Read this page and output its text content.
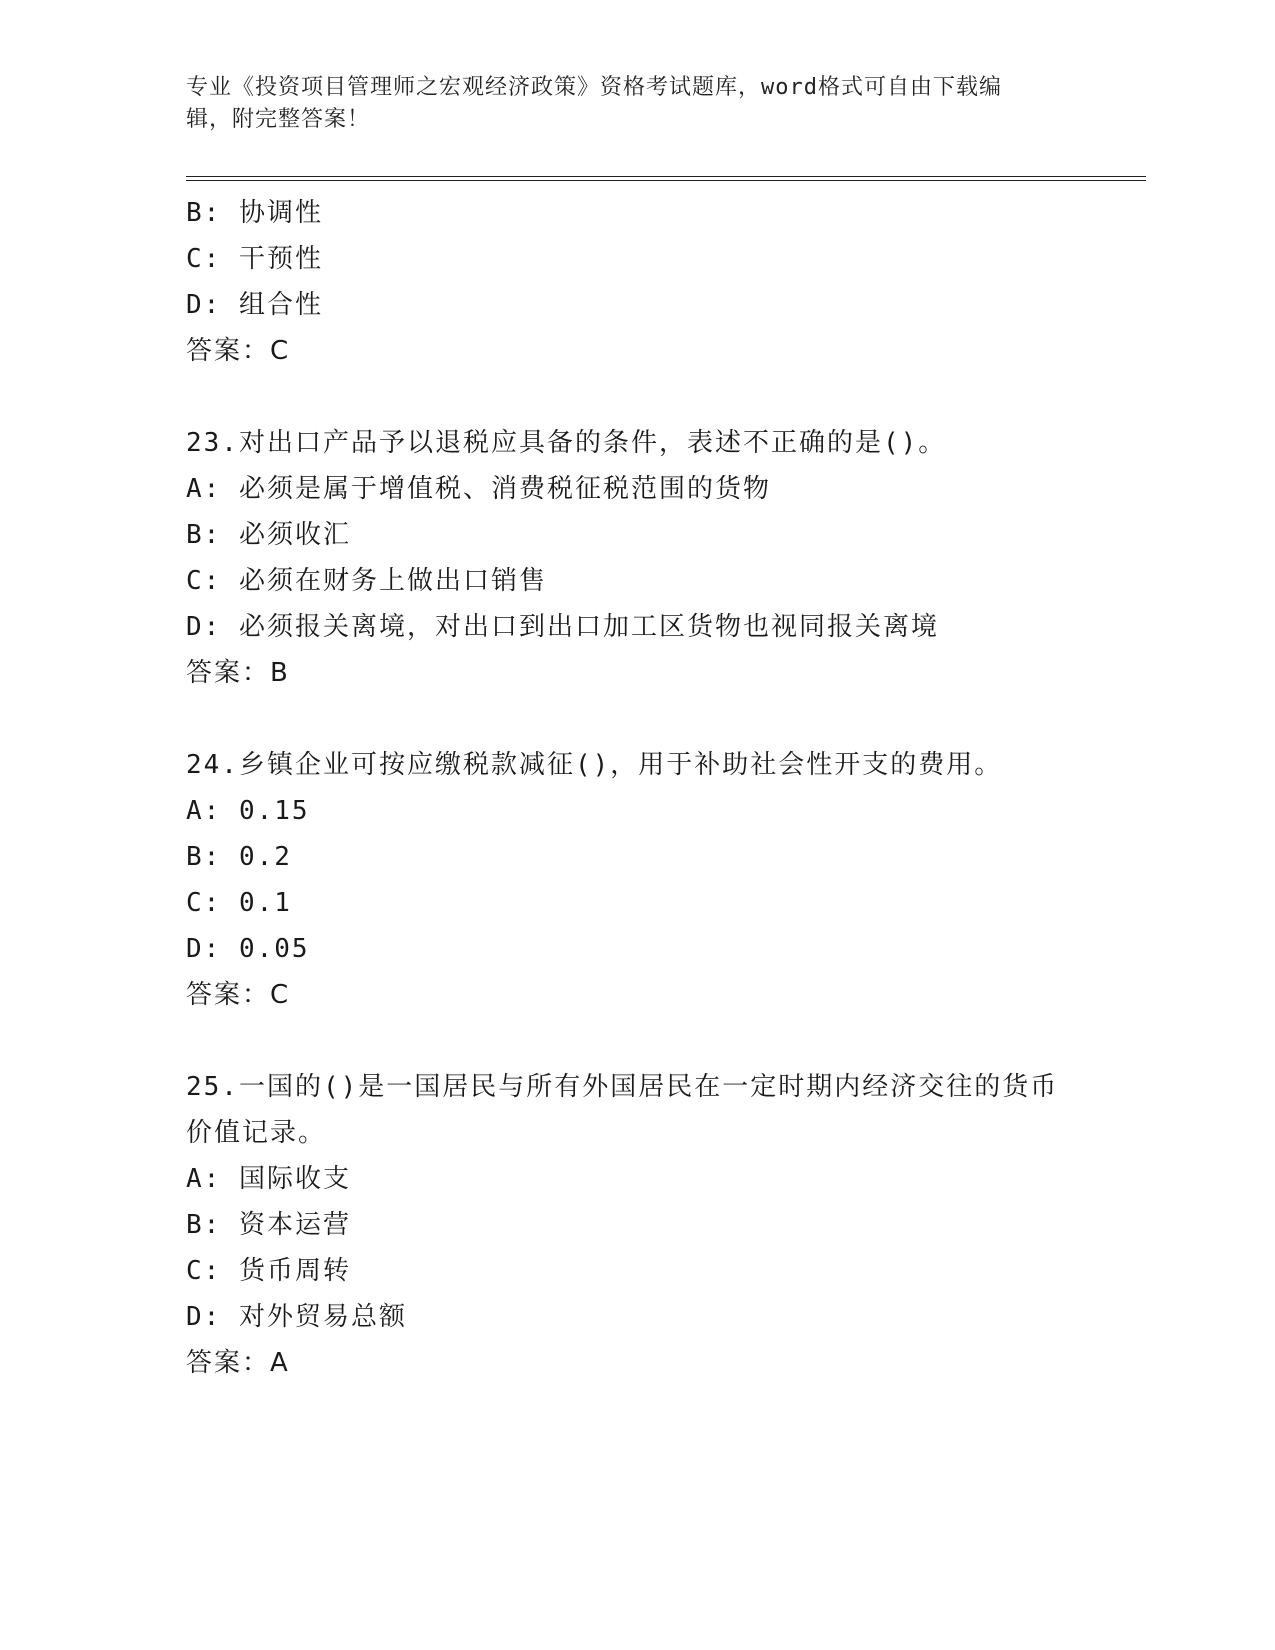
专业《投资项目管理师之宏观经济政策》资格考试题库，word格式可自由下载编
辑，附完整答案！
B: 协调性
C: 干预性
D: 组合性
答案：C
23.对出口产品予以退税应具备的条件，表述不正确的是()。
A: 必须是属于增值税、消费税征税范围的货物
B: 必须收汇
C: 必须在财务上做出口销售
D: 必须报关离境，对出口到出口加工区货物也视同报关离境
答案：B
24.乡镇企业可按应缴税款减征()，用于补助社会性开支的费用。
A: 0.15
B: 0.2
C: 0.1
D: 0.05
答案：C
25.一国的()是一国居民与所有外国居民在一定时期内经济交往的货币
价值记录。
A: 国际收支
B: 资本运营
C: 货币周转
D: 对外贸易总额
答案：A
